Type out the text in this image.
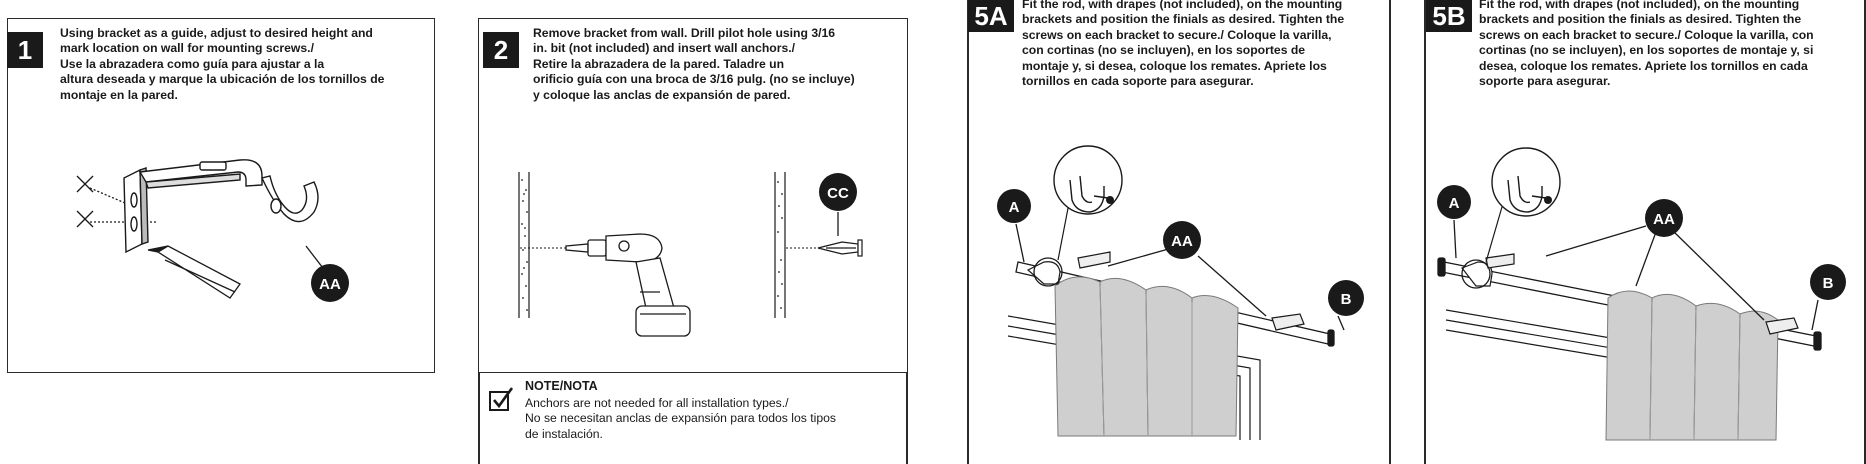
1
Using bracket as a guide, adjust to desired height and
mark location on wall for mounting screws./
Use la abrazadera como guía para ajustar a la
altura deseada y marque la ubicación de los tornillos de
montaje en la pared.
AA
2
Remove bracket from wall. Drill pilot hole using 3/16
in. bit (not included) and insert wall anchors./
Retire la abrazadera de la pared. Taladre un
orificio guía con una broca de 3/16 pulg. (no se incluye)
y coloque las anclas de expansión de pared.
CC
NOTE/NOTA
Anchors are not needed for all installation types./
No se necesitan anclas de expansión para todos los tipos
de instalación.
5A	Fit the rod, with drapes (not included), on the mounting
brackets and position the finials as desired. Tighten the
screws on each bracket to secure./ Coloque la varilla,
con cortinas (no se incluyen), en los soportes de
montaje y, si desea, coloque los remates. Apriete los
tornillos en cada soporte para asegurar.
A
AA
B
5B	Fit the rod, with drapes (not included), on the mounting
brackets and position the finials as desired. Tighten the
screws on each bracket to secure./ Coloque la varilla, con
cortinas (no se incluyen), en los soportes de montaje y, si
desea, coloque los remates. Apriete los tornillos en cada
soporte para asegurar.
A
AA
B
